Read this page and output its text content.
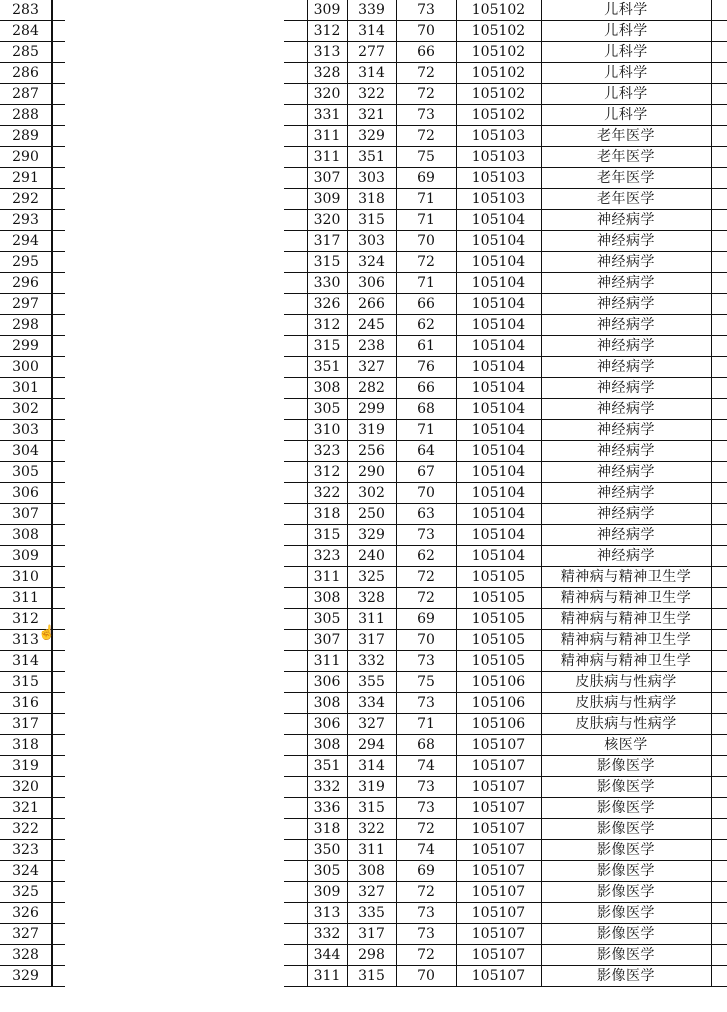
283				309	339	73	105102	儿科学	
284				312	314	70	105102	儿科学	
285				313	277	66	105102	儿科学	
286				328	314	72	105102	儿科学	
287				320	322	72	105102	儿科学	
288				331	321	73	105102	儿科学	
289				311	329	72	105103	老年医学	
290				311	351	75	105103	老年医学	
291				307	303	69	105103	老年医学	
292				309	318	71	105103	老年医学	
293				320	315	71	105104	神经病学	
294				317	303	70	105104	神经病学	
295				315	324	72	105104	神经病学	
296				330	306	71	105104	神经病学	
297				326	266	66	105104	神经病学	
298				312	245	62	105104	神经病学	
299				315	238	61	105104	神经病学	
300				351	327	76	105104	神经病学	
301				308	282	66	105104	神经病学	
302				305	299	68	105104	神经病学	
303				310	319	71	105104	神经病学	
304				323	256	64	105104	神经病学	
305				312	290	67	105104	神经病学	
306				322	302	70	105104	神经病学	
307				318	250	63	105104	神经病学	
308				315	329	73	105104	神经病学	
309				323	240	62	105104	神经病学	
310				311	325	72	105105	精神病与精神卫生学	
311				308	328	72	105105	精神病与精神卫生学	
312				305	311	69	105105	精神病与精神卫生学	
313				307	317	70	105105	精神病与精神卫生学	
314				311	332	73	105105	精神病与精神卫生学	
315				306	355	75	105106	皮肤病与性病学	
316				308	334	73	105106	皮肤病与性病学	
317				306	327	71	105106	皮肤病与性病学	
318				308	294	68	105107	核医学	
319				351	314	74	105107	影像医学	
320				332	319	73	105107	影像医学	
321				336	315	73	105107	影像医学	
322				318	322	72	105107	影像医学	
323				350	311	74	105107	影像医学	
324				305	308	69	105107	影像医学	
325				309	327	72	105107	影像医学	
326				313	335	73	105107	影像医学	
327				332	317	73	105107	影像医学	
328				344	298	72	105107	影像医学	
329				311	315	70	105107	影像医学	
☝
